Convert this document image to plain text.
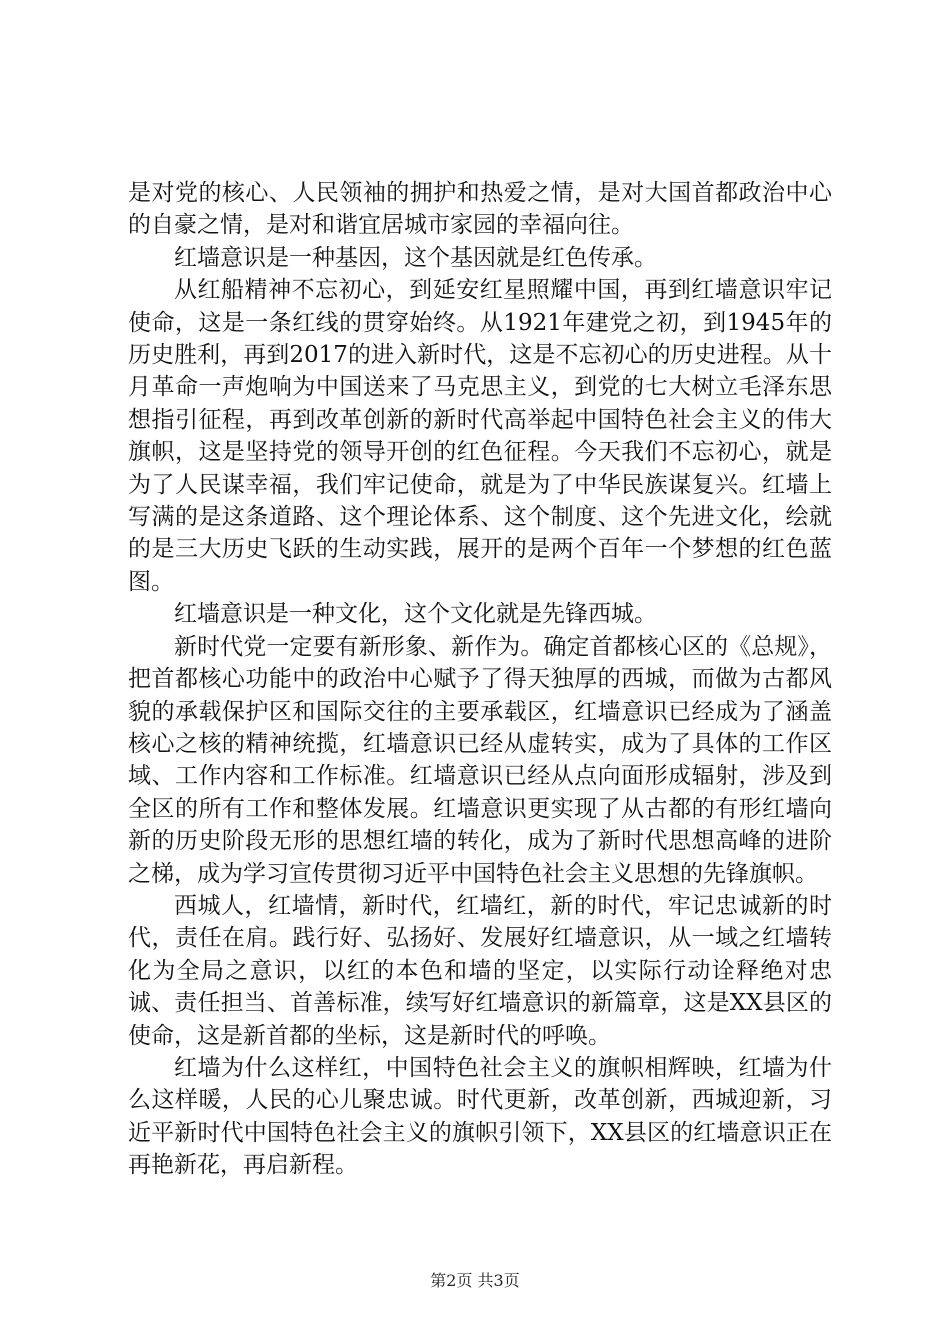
是对党的核心、人民领袖的拥护和热爱之情，是对大国首都政治中心的自豪之情，是对和谐宜居城市家园的幸福向往。

红墙意识是一种基因，这个基因就是红色传承。

从红船精神不忘初心，到延安红星照耀中国，再到红墙意识牢记使命，这是一条红线的贯穿始终。从1921年建党之初，到1945年的历史胜利，再到2017的进入新时代，这是不忘初心的历史进程。从十月革命一声炮响为中国送来了马克思主义，到党的七大树立毛泽东思想指引征程，再到改革创新的新时代高举起中国特色社会主义的伟大旗帜，这是坚持党的领导开创的红色征程。今天我们不忘初心，就是为了人民谋幸福，我们牢记使命，就是为了中华民族谋复兴。红墙上写满的是这条道路、这个理论体系、这个制度、这个先进文化，绘就的是三大历史飞跃的生动实践，展开的是两个百年一个梦想的红色蓝图。

红墙意识是一种文化，这个文化就是先锋西城。

新时代党一定要有新形象、新作为。确定首都核心区的《总规》，把首都核心功能中的政治中心赋予了得天独厚的西城，而做为古都风貌的承载保护区和国际交往的主要承载区，红墙意识已经成为了涵盖核心之核的精神统揽，红墙意识已经从虚转实，成为了具体的工作区域、工作内容和工作标准。红墙意识已经从点向面形成辐射，涉及到全区的所有工作和整体发展。红墙意识更实现了从古都的有形红墙向新的历史阶段无形的思想红墙的转化，成为了新时代思想高峰的进阶之梯，成为学习宣传贯彻习近平中国特色社会主义思想的先锋旗帜。

西城人，红墙情，新时代，红墙红，新的时代，牢记忠诚新的时代，责任在肩。践行好、弘扬好、发展好红墙意识，从一域之红墙转化为全局之意识，以红的本色和墙的坚定，以实际行动诠释绝对忠诚、责任担当、首善标准，续写好红墙意识的新篇章，这是XX县区的使命，这是新首都的坐标，这是新时代的呼唤。

红墙为什么这样红，中国特色社会主义的旗帜相辉映，红墙为什么这样暖，人民的心儿聚忠诚。时代更新，改革创新，西城迎新，习近平新时代中国特色社会主义的旗帜引领下，XX县区的红墙意识正在再艳新花，再启新程。

第2页 共3页
